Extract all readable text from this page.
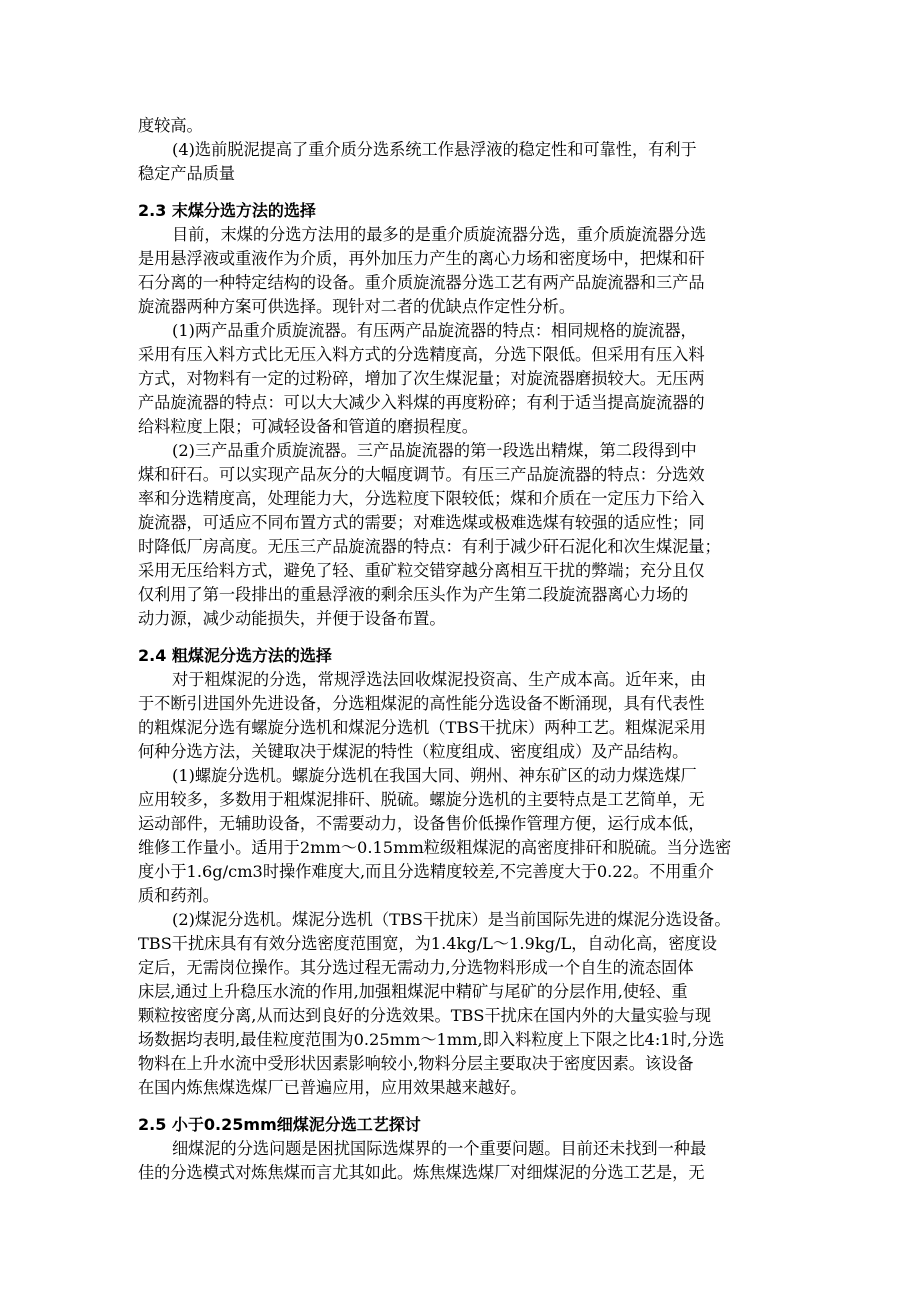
度较高。
(4)选前脱泥提高了重介质分选系统工作悬浮液的稳定性和可靠性，有利于
稳定产品质量
2.3 末煤分选方法的选择
目前，末煤的分选方法用的最多的是重介质旋流器分选，重介质旋流器分选
是用悬浮液或重液作为介质，再外加压力产生的离心力场和密度场中，把煤和矸
石分离的一种特定结构的设备。重介质旋流器分选工艺有两产品旋流器和三产品
旋流器两种方案可供选择。现针对二者的优缺点作定性分析。
(1)两产品重介质旋流器。有压两产品旋流器的特点：相同规格的旋流器，
采用有压入料方式比无压入料方式的分选精度高，分选下限低。但采用有压入料
方式，对物料有一定的过粉碎，增加了次生煤泥量；对旋流器磨损较大。无压两
产品旋流器的特点：可以大大减少入料煤的再度粉碎；有利于适当提高旋流器的
给料粒度上限；可减轻设备和管道的磨损程度。
(2)三产品重介质旋流器。三产品旋流器的第一段选出精煤，第二段得到中
煤和矸石。可以实现产品灰分的大幅度调节。有压三产品旋流器的特点：分选效
率和分选精度高，处理能力大，分选粒度下限较低；煤和介质在一定压力下给入
旋流器，可适应不同布置方式的需要；对难选煤或极难选煤有较强的适应性；同
时降低厂房高度。无压三产品旋流器的特点：有利于减少矸石泥化和次生煤泥量；
采用无压给料方式，避免了轻、重矿粒交错穿越分离相互干扰的弊端；充分且仅
仅利用了第一段排出的重悬浮液的剩余压头作为产生第二段旋流器离心力场的
动力源，减少动能损失，并便于设备布置。
2.4 粗煤泥分选方法的选择
对于粗煤泥的分选，常规浮选法回收煤泥投资高、生产成本高。近年来，由
于不断引进国外先进设备，分选粗煤泥的高性能分选设备不断涌现，具有代表性
的粗煤泥分选有螺旋分选机和煤泥分选机（TBS干扰床）两种工艺。粗煤泥采用
何种分选方法，关键取决于煤泥的特性（粒度组成、密度组成）及产品结构。
(1)螺旋分选机。螺旋分选机在我国大同、朔州、神东矿区的动力煤选煤厂
应用较多，多数用于粗煤泥排矸、脱硫。螺旋分选机的主要特点是工艺简单，无
运动部件，无辅助设备，不需要动力，设备售价低操作管理方便，运行成本低，
维修工作量小。适用于2mm～0.15mm粒级粗煤泥的高密度排矸和脱硫。当分选密
度小于1.6g/cm3时操作难度大,而且分选精度较差,不完善度大于0.22。不用重介
质和药剂。
(2)煤泥分选机。煤泥分选机（TBS干扰床）是当前国际先进的煤泥分选设备。
TBS干扰床具有有效分选密度范围宽，为1.4kg/L～1.9kg/L，自动化高，密度设
定后，无需岗位操作。其分选过程无需动力,分选物料形成一个自生的流态固体
床层,通过上升稳压水流的作用,加强粗煤泥中精矿与尾矿的分层作用,使轻、重
颗粒按密度分离,从而达到良好的分选效果。TBS干扰床在国内外的大量实验与现
场数据均表明,最佳粒度范围为0.25mm～1mm,即入料粒度上下限之比4:1时,分选
物料在上升水流中受形状因素影响较小,物料分层主要取决于密度因素。该设备
在国内炼焦煤选煤厂已普遍应用，应用效果越来越好。
2.5 小于0.25mm细煤泥分选工艺探讨
细煤泥的分选问题是困扰国际选煤界的一个重要问题。目前还未找到一种最
佳的分选模式对炼焦煤而言尤其如此。炼焦煤选煤厂对细煤泥的分选工艺是，无
